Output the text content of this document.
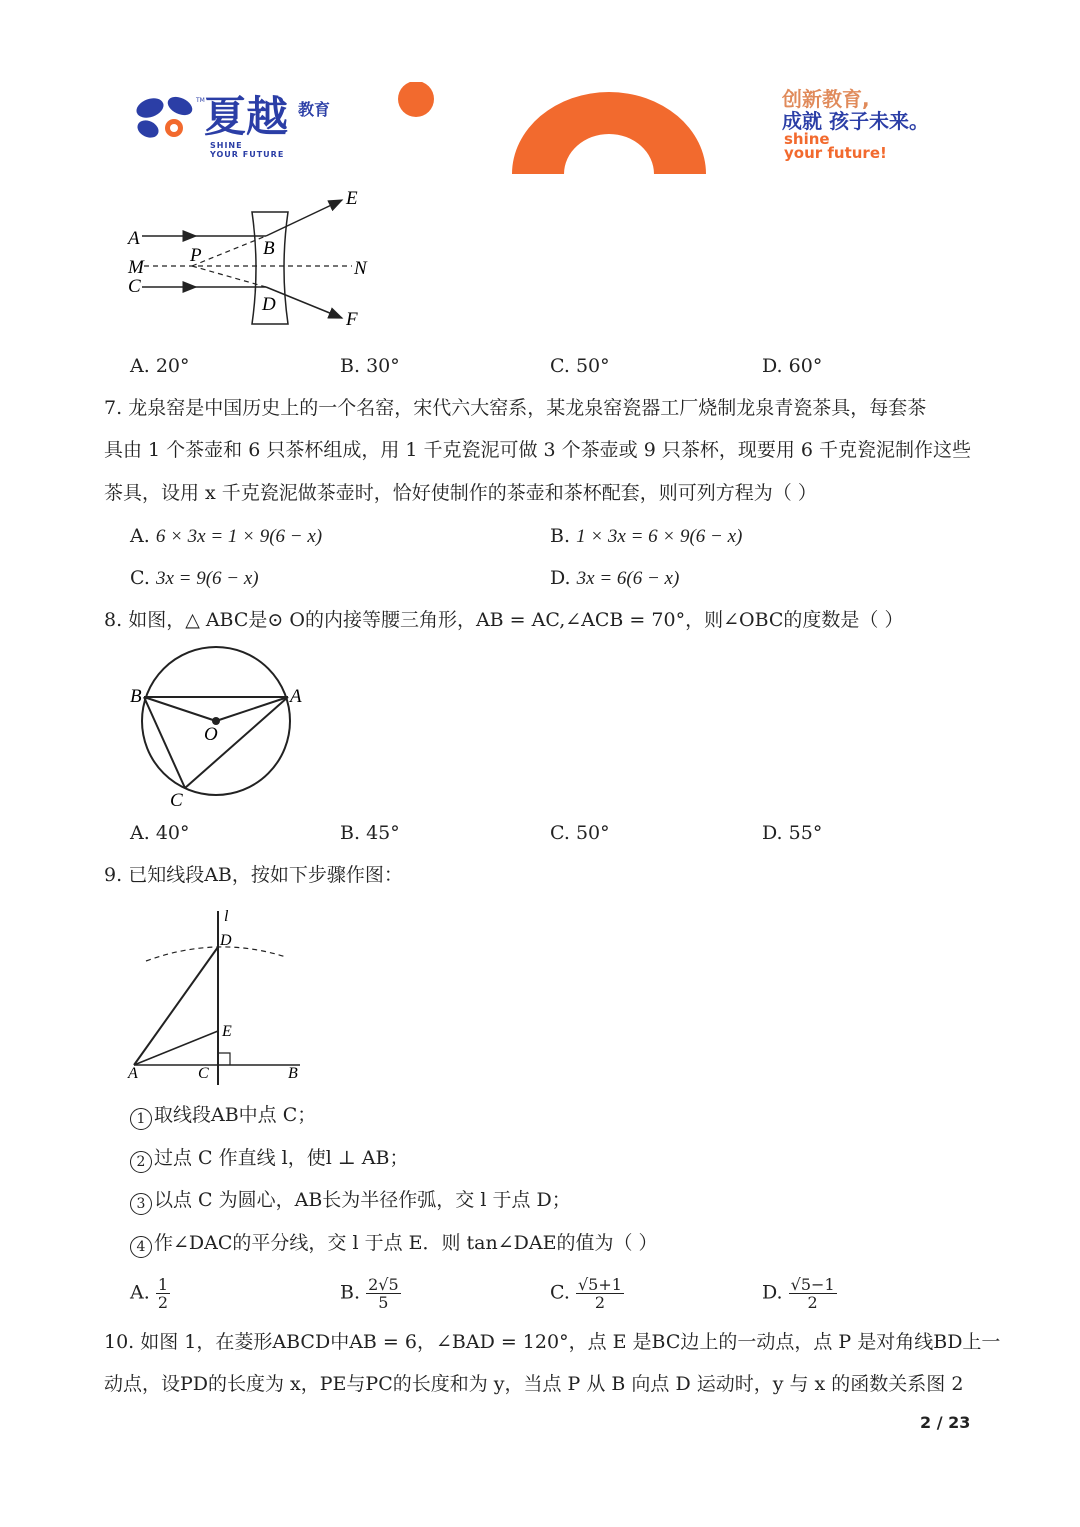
夏越
TM	教育
SHINE
YOUR FUTURE
创新教育,
成就 孩子未来。
shine
your future!
A
M
C
P	B
D
E
N
F
A. 20°	B. 30°	C. 50°	D. 60°
7. 龙泉窑是中国历史上的一个名窑，宋代六大窑系，某龙泉窑瓷器工厂烧制龙泉青瓷茶具，每套茶
具由 1 个茶壶和 6 只茶杯组成，用 1 千克瓷泥可做 3 个茶壶或 9 只茶杯，现要用 6 千克瓷泥制作这些
茶具，设用 x 千克瓷泥做茶壶时，恰好使制作的茶壶和茶杯配套，则可列方程为（ ）
A. 6 × 3x = 1 × 9(6 − x)	B. 1 × 3x = 6 × 9(6 − x)
C. 3x = 9(6 − x)	D. 3x = 6(6 − x)
8. 如图，△ ABC是⊙ O的内接等腰三角形，AB = AC,∠ACB = 70°，则∠OBC的度数是（ ）
B	A
O
C
A. 40°	B. 45°	C. 50°	D. 55°
9. 已知线段AB，按如下步骤作图：
l
D
E
A	C	B
1 取线段AB中点 C；
2 过点 C 作直线 l，使l ⊥ AB；
3 以点 C 为圆心，AB长为半径作弧，交 l 于点 D；
4 作∠DAC的平分线，交 l 于点 E．则 tan∠DAE的值为（ ）
A. $\frac{1}{2}$	B. $\frac{2√5}{5}$	C. $\frac{√5+1}{2}$	D. $\frac{√5-1}{2}$
10. 如图 1，在菱形ABCD中AB = 6，∠BAD = 120°，点 E 是BC边上的一动点，点 P 是对角线BD上一
动点，设PD的长度为 x，PE与PC的长度和为 y，当点 P 从 B 向点 D 运动时，y 与 x 的函数关系图 2
2 / 23
